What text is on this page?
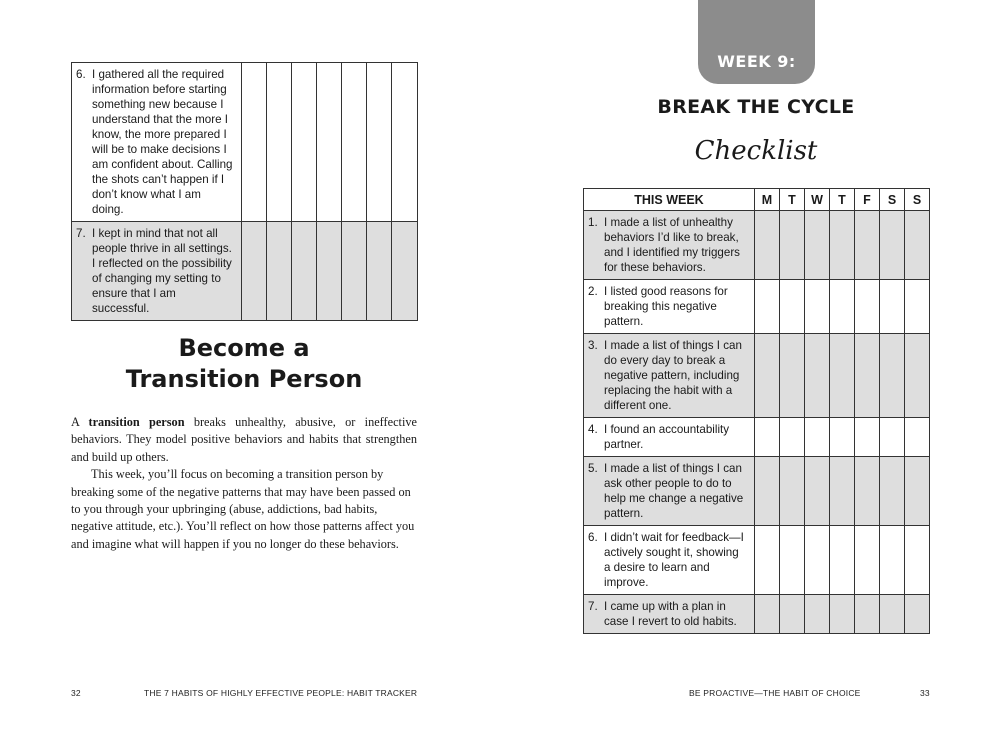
6. I gathered all the required information before starting something new because I understand that the more I know, the more prepared I will be to make decisions I am confident about. Calling the shots can’t happen if I don’t know what I am doing.							

7. I kept in mind that not all people thrive in all settings. I reflected on the possibility of changing my setting to ensure that I am successful.							

Become a
Transition Person

A transition person breaks unhealthy, abusive, or ineffective behaviors. They model positive behaviors and habits that strengthen and build up others.

This week, you’ll focus on becoming a transition person by breaking some of the negative patterns that may have been passed on to you through your upbringing (abuse, addictions, bad habits, negative attitude, etc.). You’ll reflect on how those patterns affect you and imagine what will happen if you no longer do these behaviors.

32	THE 7 HABITS OF HIGHLY EFFECTIVE PEOPLE: HABIT TRACKER
WEEK 9:
BREAK THE CYCLE
Checklist
THIS WEEK	M	T	W	T	F	S	S

1. I made a list of unhealthy behaviors I’d like to break, and I identified my triggers for these behaviors.							

2. I listed good reasons for breaking this negative pattern.							

3. I made a list of things I can do every day to break a negative pattern, including replacing the habit with a different one.							

4. I found an accountability partner.							

5. I made a list of things I can ask other people to do to help me change a negative pattern.							

6. I didn’t wait for feedback—I actively sought it, showing a desire to learn and improve.							

7. I came up with a plan in case I revert to old habits.							

BE PROACTIVE—THE HABIT OF CHOICE	33
